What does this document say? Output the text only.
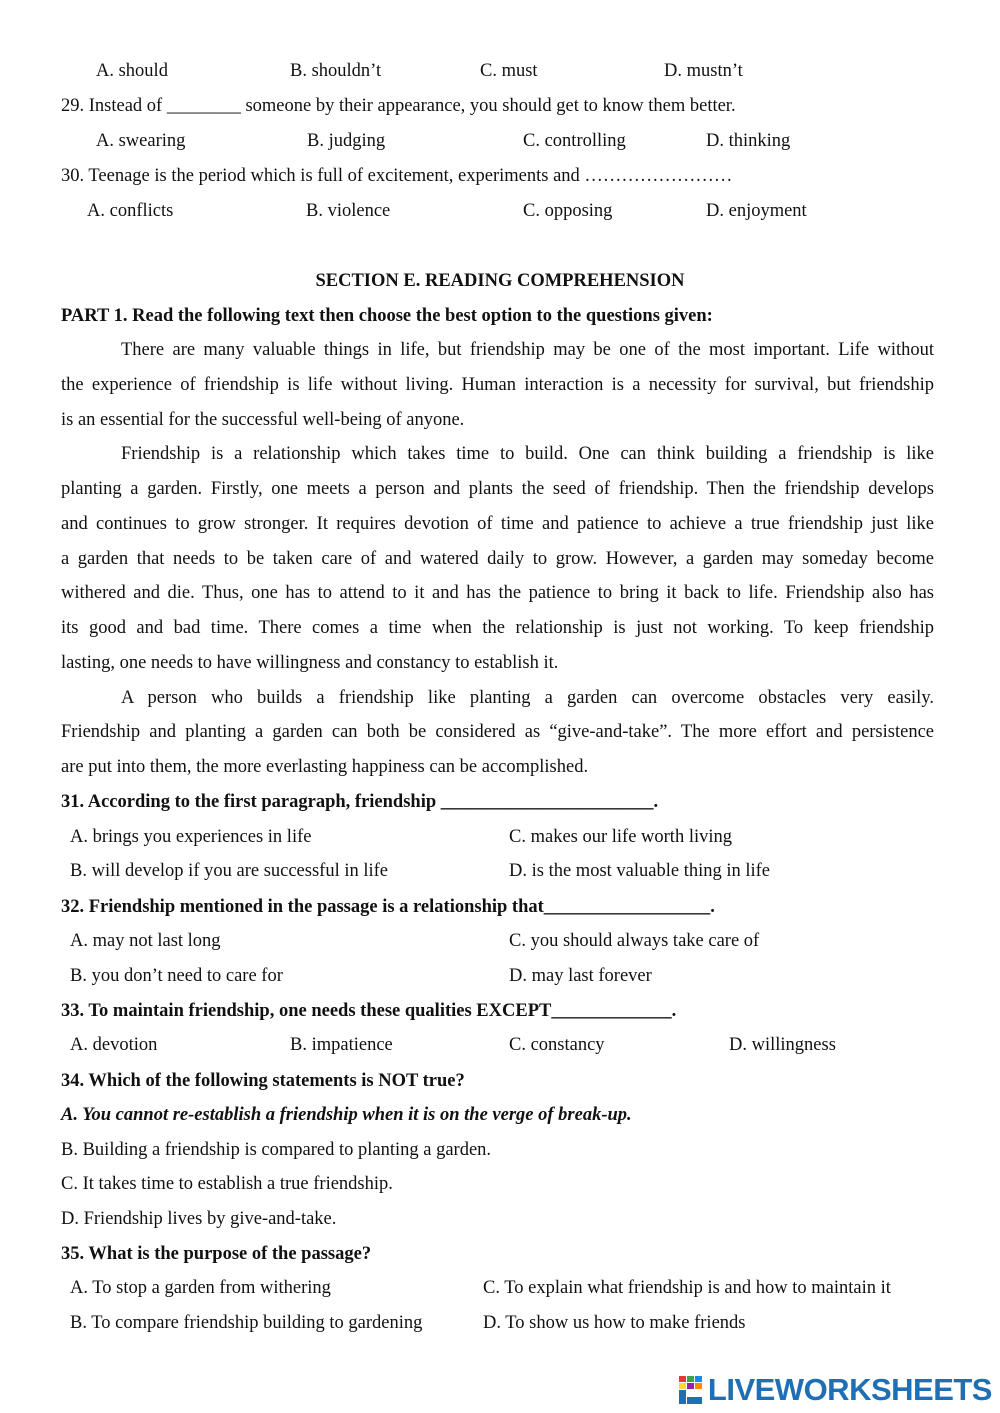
A. should	B. shouldn’t	C. must	D. mustn’t
29. Instead of ________ someone by their appearance, you should get to know them better.
A. swearing	B. judging	C. controlling	D. thinking
30. Teenage is the period which is full of excitement, experiments and ……………………
A. conflicts	B. violence	C. opposing	D. enjoyment
SECTION E. READING COMPREHENSION
PART 1. Read the following text then choose the best option to the questions given:
There are many valuable things in life, but friendship may be one of the most important. Life without
the experience of friendship is life without living. Human interaction is a necessity for survival, but friendship
is an essential for the successful well-being of anyone.
Friendship is a relationship which takes time to build. One can think building a friendship is like
planting a garden. Firstly, one meets a person and plants the seed of friendship. Then the friendship develops
and continues to grow stronger. It requires devotion of time and patience to achieve a true friendship just like
a garden that needs to be taken care of and watered daily to grow. However, a garden may someday become
withered and die. Thus, one has to attend to it and has the patience to bring it back to life. Friendship also has
its good and bad time. There comes a time when the relationship is just not working. To keep friendship
lasting, one needs to have willingness and constancy to establish it.
A person who builds a friendship like planting a garden can overcome obstacles very easily.
Friendship and planting a garden can both be considered as “give-and-take”. The more effort and persistence
are put into them, the more everlasting happiness can be accomplished.
31. According to the first paragraph, friendship _______________________.
A. brings you experiences in life	C. makes our life worth living
B. will develop if you are successful in life	D. is the most valuable thing in life
32. Friendship mentioned in the passage is a relationship that__________________.
A. may not last long	C. you should always take care of
B. you don’t need to care for	D. may last forever
33. To maintain friendship, one needs these qualities EXCEPT_____________.
A. devotion	B. impatience	C. constancy	D. willingness
34. Which of the following statements is NOT true?
A. You cannot re-establish a friendship when it is on the verge of break-up.
B. Building a friendship is compared to planting a garden.
C. It takes time to establish a true friendship.
D. Friendship lives by give-and-take.
35. What is the purpose of the passage?
A. To stop a garden from withering	C. To explain what friendship is and how to maintain it
B. To compare friendship building to gardening	D. To show us how to make friends
LIVEWORKSHEETS
